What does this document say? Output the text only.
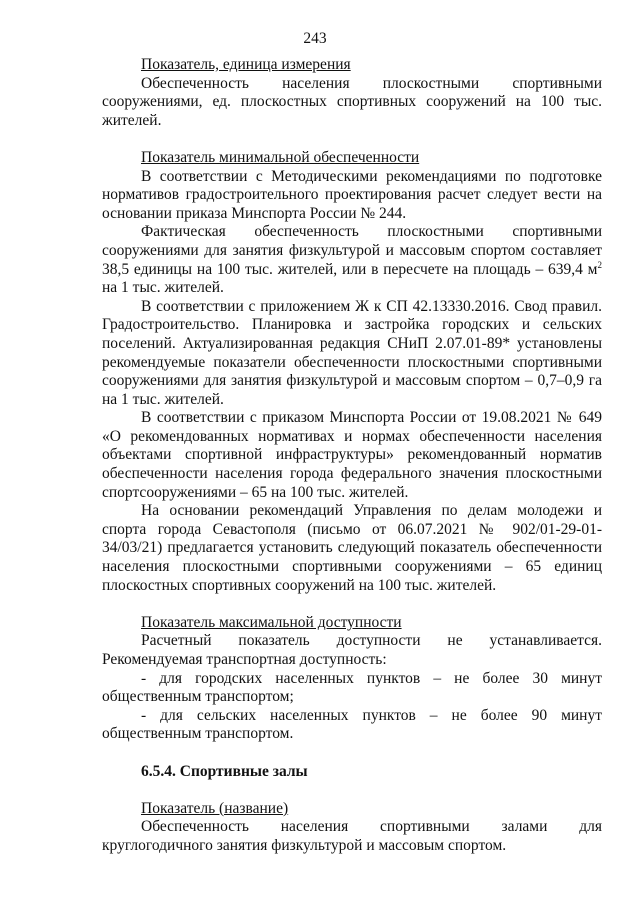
243
Показатель, единица измерения

Обеспеченность населения плоскостными спортивными сооружениями, ед. плоскостных спортивных сооружений на 100 тыс. жителей.

Показатель минимальной обеспеченности

В соответствии с Методическими рекомендациями по подготовке нормативов градостроительного проектирования расчет следует вести на основании приказа Минспорта России № 244.

Фактическая обеспеченность плоскостными спортивными сооружениями для занятия физкультурой и массовым спортом составляет 38,5 единицы на 100 тыс. жителей, или в пересчете на площадь – 639,4 $м^2$ на 1 тыс. жителей.

В соответствии с приложением Ж к СП 42.13330.2016. Свод правил. Градостроительство. Планировка и застройка городских и сельских поселений. Актуализированная редакция СНиП 2.07.01-89* установлены рекомендуемые показатели обеспеченности плоскостными спортивными сооружениями для занятия физкультурой и массовым спортом – 0,7–0,9 га на 1 тыс. жителей.

В соответствии с приказом Минспорта России от 19.08.2021 № 649 «О рекомендованных нормативах и нормах обеспеченности населения объектами спортивной инфраструктуры» рекомендованный норматив обеспеченности населения города федерального значения плоскостными спортсооружениями – 65 на 100 тыс. жителей.

На основании рекомендаций Управления по делам молодежи и спорта города Севастополя (письмо от 06.07.2021 № 902/01-29-01-34/03/21) предлагается установить следующий показатель обеспеченности населения плоскостными спортивными сооружениями – 65 единиц плоскостных спортивных сооружений на 100 тыс. жителей.

Показатель максимальной доступности

Расчетный показатель доступности не устанавливается. Рекомендуемая транспортная доступность:

- для городских населенных пунктов – не более 30 минут общественным транспортом;

- для сельских населенных пунктов – не более 90 минут общественным транспортом.

6.5.4. Спортивные залы
Показатель (название)

Обеспеченность населения спортивными залами для круглогодичного занятия физкультурой и массовым спортом.
